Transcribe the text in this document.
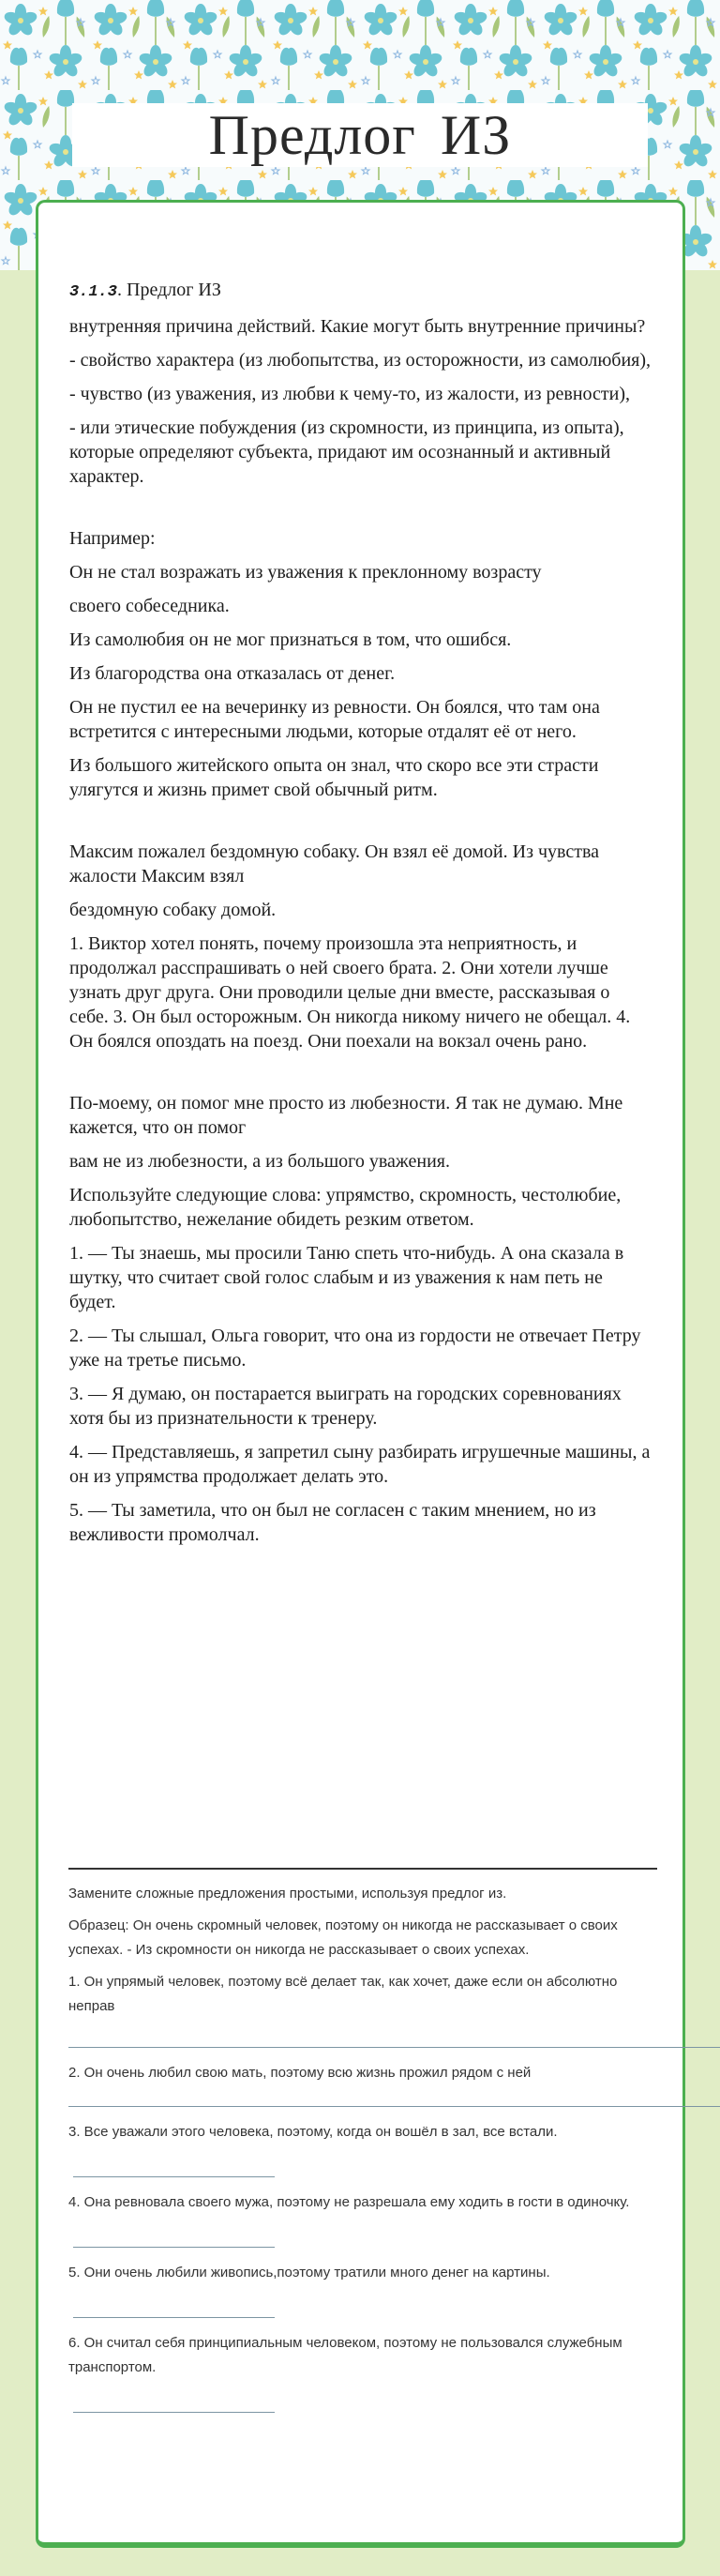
Предлог ИЗ

3.1.3. Предлог ИЗ

внутренняя причина действий. Какие могут быть внутренние причины?

- свойство характера (из любопытства, из осторожности, из самолюбия),

- чувство (из уважения, из любви к чему-то, из жалости, из ревности),

- или этические побуждения (из скромности, из принципа, из опыта), которые определяют субъекта, придают им осознанный и активный характер.

Например:

Он не стал возражать из уважения к преклонному возрасту

своего собеседника.

Из самолюбия он не мог признаться в том, что ошибся.

Из благородства она отказалась от денег.

Он не пустил ее на вечеринку из ревности. Он боялся, что там она встретится с интересными людьми, которые отдалят её от него.

Из большого житейского опыта он знал, что скоро все эти страсти улягутся и жизнь примет свой обычный ритм.

Максим пожалел бездомную собаку. Он взял её домой. Из чувства жалости Максим взял

бездомную собаку домой.

1. Виктор хотел понять, почему произошла эта неприятность, и продолжал расспрашивать о ней своего брата. 2. Они хотели лучше узнать друг друга. Они проводили целые дни вместе, рассказывая о себе. 3. Он был осторожным. Он никогда никому ничего не обещал. 4. Он боялся опоздать на поезд. Они поехали на вокзал очень рано.

По-моему, он помог мне просто из любезности. Я так не думаю. Мне кажется, что он помог

вам не из любезности, а из большого уважения.

Используйте следующие слова: упрямство, скромность, честолюбие, любопытство, нежелание обидеть резким ответом.

1. — Ты знаешь, мы просили Таню спеть что-нибудь. А она сказала в шутку, что считает свой голос слабым и из уважения к нам петь не будет.

2. — Ты слышал, Ольга говорит, что она из гордости не отвечает Петру уже на третье письмо.

3. — Я думаю, он постарается выиграть на городских соревнованиях хотя бы из признательности к тренеру.

4. — Представляешь, я запретил сыну разбирать игрушечные машины, а он из упрямства продолжает делать это.

5. — Ты заметила, что он был не согласен с таким мнением, но из вежливости промолчал.

Замените сложные предложения простыми, используя предлог из.

Образец: Он очень скромный человек, поэтому он никогда не рассказывает о своих успехах. - Из скромности он никогда не рассказывает о своих успехах.

1. Он упрямый человек, поэтому всё делает так, как хочет, даже если он абсолютно неправ

2. Он очень любил свою мать, поэтому всю жизнь прожил рядом с ней

3. Все уважали этого человека, поэтому, когда он вошёл в зал, все встали.

4. Она ревновала своего мужа, поэтому не разрешала ему ходить в гости в одиночку.

5. Они очень любили живопись,поэтому тратили много денег на картины.

6. Он считал себя принципиальным человеком, поэтому не пользовался служебным транспортом.
